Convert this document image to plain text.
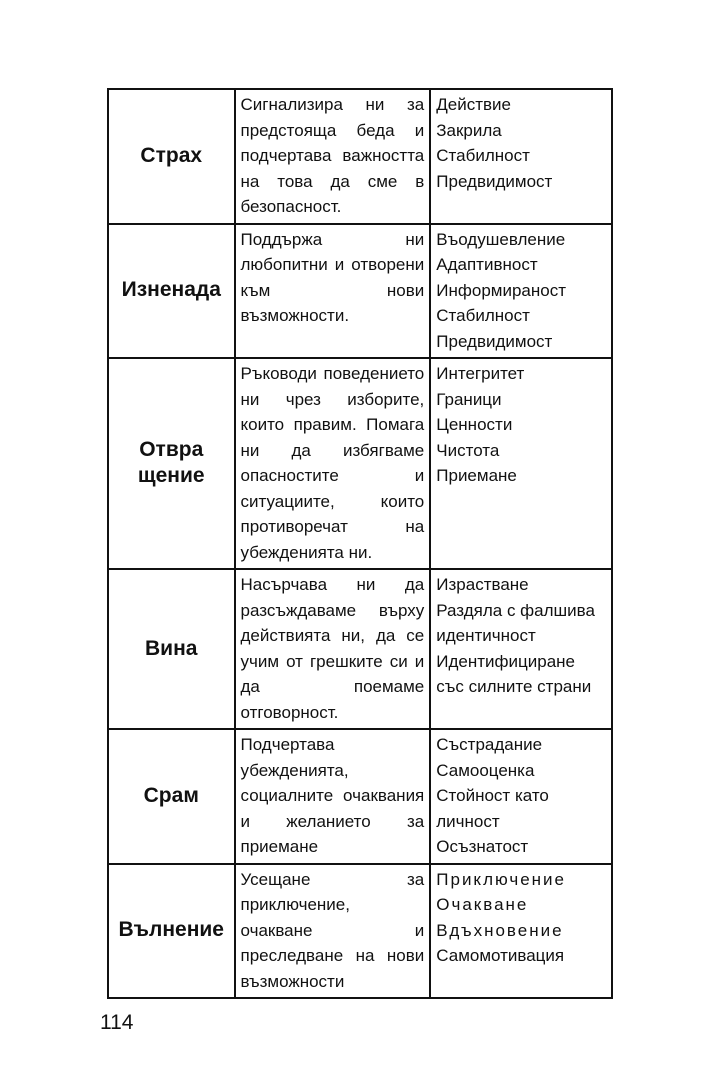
Страх	Сигнализира ни за предстояща беда и подчертава важността на това да сме в безопасност.	Действие
Закрила
Стабилност
Предвидимост

Изненада	Поддържа ни любопитни и отворени към нови възможности.	Въодушевление
Адаптивност
Информираност
Стабилност
Предвидимост

Отвра
щение	Ръководи поведението ни чрез изборите, които правим. Помага ни да избягваме опасностите и ситуациите, които противоречат на убежденията ни.	Интегритет
Граници
Ценности
Чистота
Приемане

Вина	Насърчава ни да разсъждаваме върху действията ни, да се учим от грешките си и да поемаме отговорност.	Израстване
Раздяла с фалшива идентичност
Идентифициране със силните страни

Срам	Подчертава убежденията, социалните очаквания и желанието за приемане	Състрадание
Самооценка
Стойност като личност
Осъзнатост

Вълнение	Усещане за приключение, очакване и преследване на нови възможности	Приключение
Очакване
Вдъхновение
Самомотивация
114
